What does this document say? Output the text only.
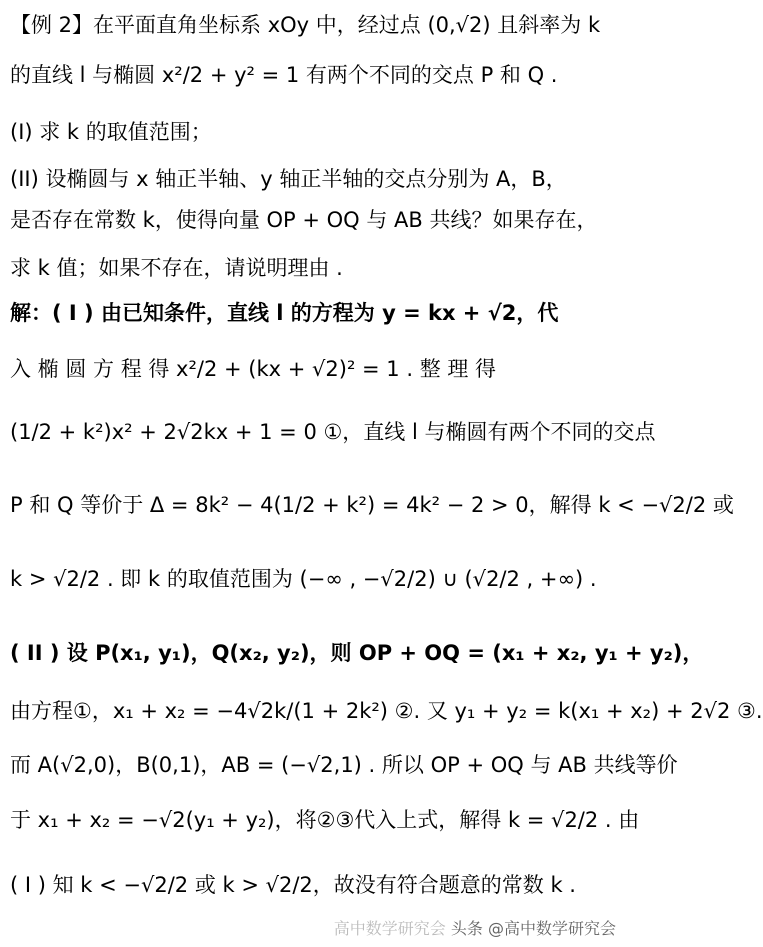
【例 2】在平面直角坐标系 xOy 中，经过点 (0,√2) 且斜率为 k
的直线 l 与椭圆 x²/2 + y² = 1 有两个不同的交点 P 和 Q .
(I) 求 k 的取值范围；
(II) 设椭圆与 x 轴正半轴、y 轴正半轴的交点分别为 A，B，
是否存在常数 k，使得向量 OP + OQ 与 AB 共线？如果存在，
求 k 值；如果不存在，请说明理由 .
解：( I ) 由已知条件，直线 l 的方程为 y = kx + √2，代
入 椭 圆 方 程 得 x²/2 + (kx + √2)² = 1 . 整 理 得
(1/2 + k²)x² + 2√2kx + 1 = 0 ①，直线 l 与椭圆有两个不同的交点
P 和 Q 等价于 Δ = 8k² − 4(1/2 + k²) = 4k² − 2 > 0，解得 k < −√2/2 或
k > √2/2 . 即 k 的取值范围为 (−∞ , −√2/2) ∪ (√2/2 , +∞) .
( II ) 设 P(x₁, y₁)，Q(x₂, y₂)，则 OP + OQ = (x₁ + x₂, y₁ + y₂)，
由方程①，x₁ + x₂ = −4√2k/(1 + 2k²) ②. 又 y₁ + y₂ = k(x₁ + x₂) + 2√2 ③.
而 A(√2,0)，B(0,1)，AB = (−√2,1) . 所以 OP + OQ 与 AB 共线等价
于 x₁ + x₂ = −√2(y₁ + y₂)，将②③代入上式，解得 k = √2/2 . 由
( I ) 知 k < −√2/2 或 k > √2/2，故没有符合题意的常数 k .
高中数学研究会 头条 @高中数学研究会
